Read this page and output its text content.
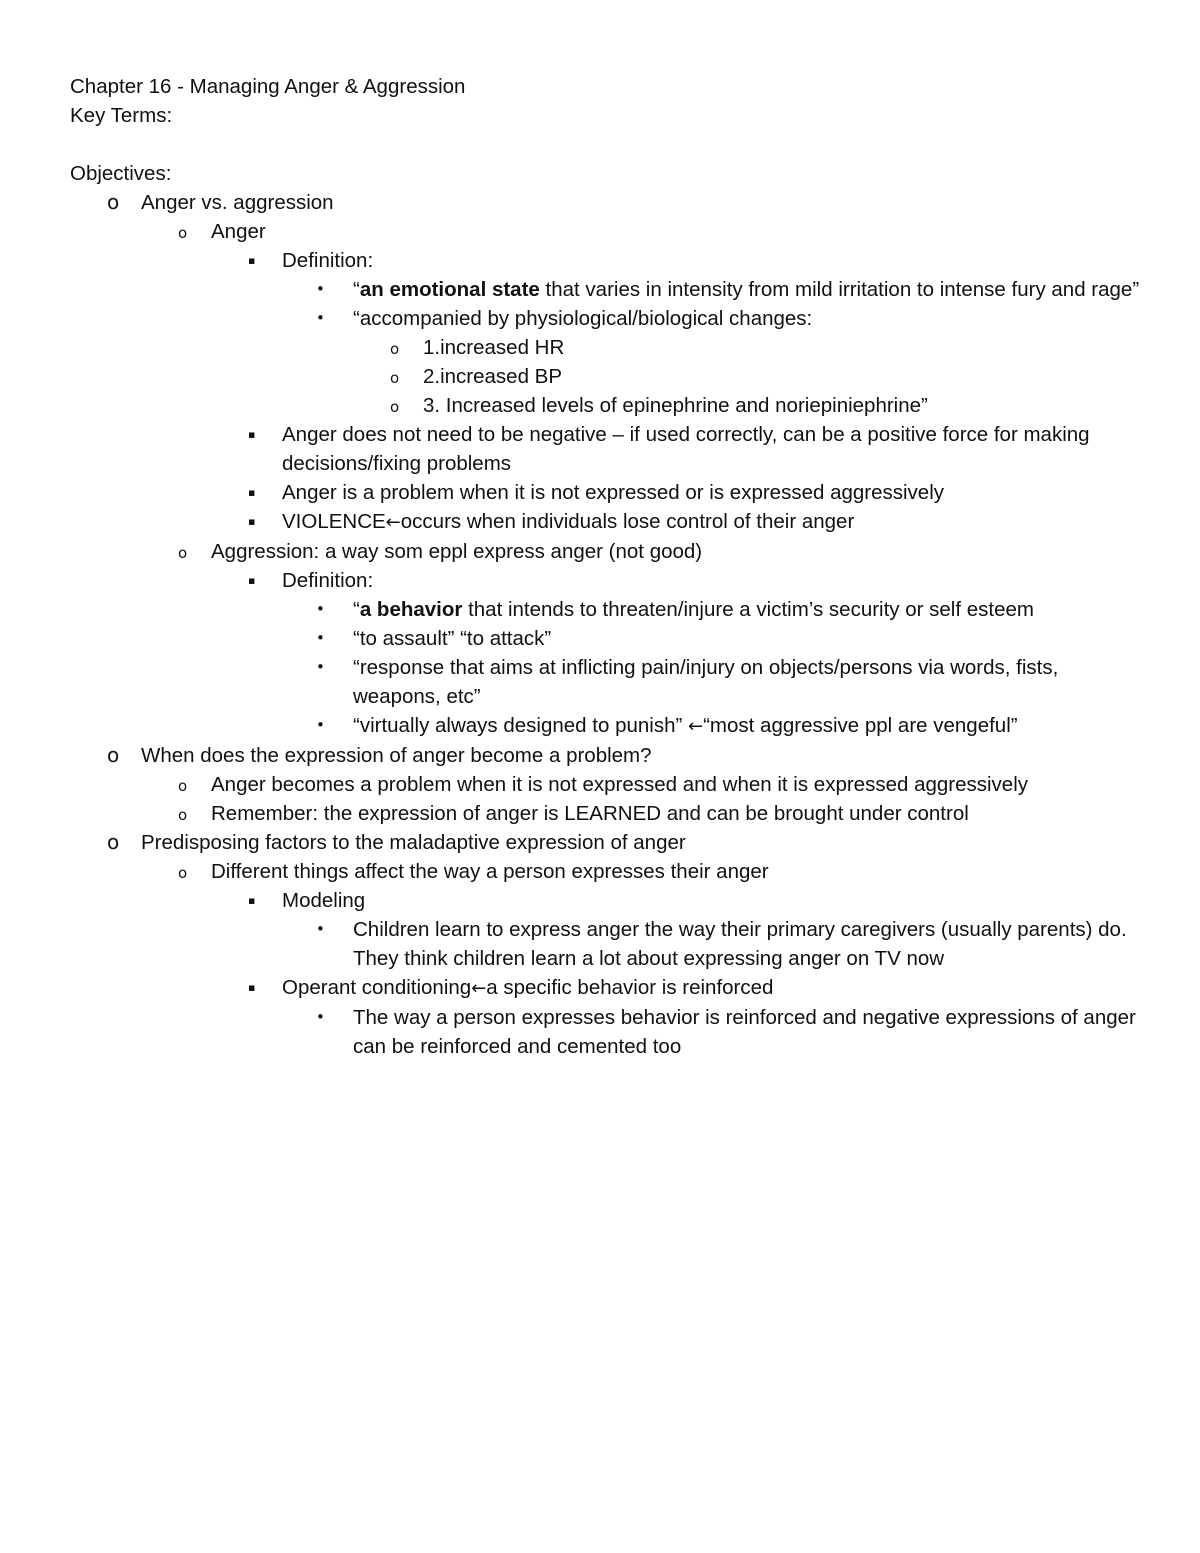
Chapter 16 - Managing Anger & Aggression
Key Terms:
Objectives:
o	Anger vs. aggression
o	Anger
▪	Definition:
•	“an emotional state that varies in intensity from mild irritation to intense fury and rage”
•	“accompanied by physiological/biological changes:
o	1.increased HR
o	2.increased BP
o	3. Increased levels of epinephrine and noriepiniephrine”
▪	Anger does not need to be negative – if used correctly, can be a positive force for making decisions/fixing problems
▪	Anger is a problem when it is not expressed or is expressed aggressively
▪	VIOLENCE←occurs when individuals lose control of their anger
o	Aggression: a way som eppl express anger (not good)
▪	Definition:
•	“a behavior that intends to threaten/injure a victim’s security or self esteem
•	“to assault” “to attack”
•	“response that aims at inflicting pain/injury on objects/persons via words, fists, weapons, etc”
•	“virtually always designed to punish” ←“most aggressive ppl are vengeful”
o	When does the expression of anger become a problem?
o	Anger becomes a problem when it is not expressed and when it is expressed aggressively
o	Remember: the expression of anger is LEARNED and can be brought under control
o	Predisposing factors to the maladaptive expression of anger
o	Different things affect the way a person expresses their anger
▪	Modeling
•	Children learn to express anger the way their primary caregivers (usually parents) do. They think children learn a lot about expressing anger on TV now
▪	Operant conditioning←a specific behavior is reinforced
•	The way a person expresses behavior is reinforced and negative expressions of anger can be reinforced and cemented too
